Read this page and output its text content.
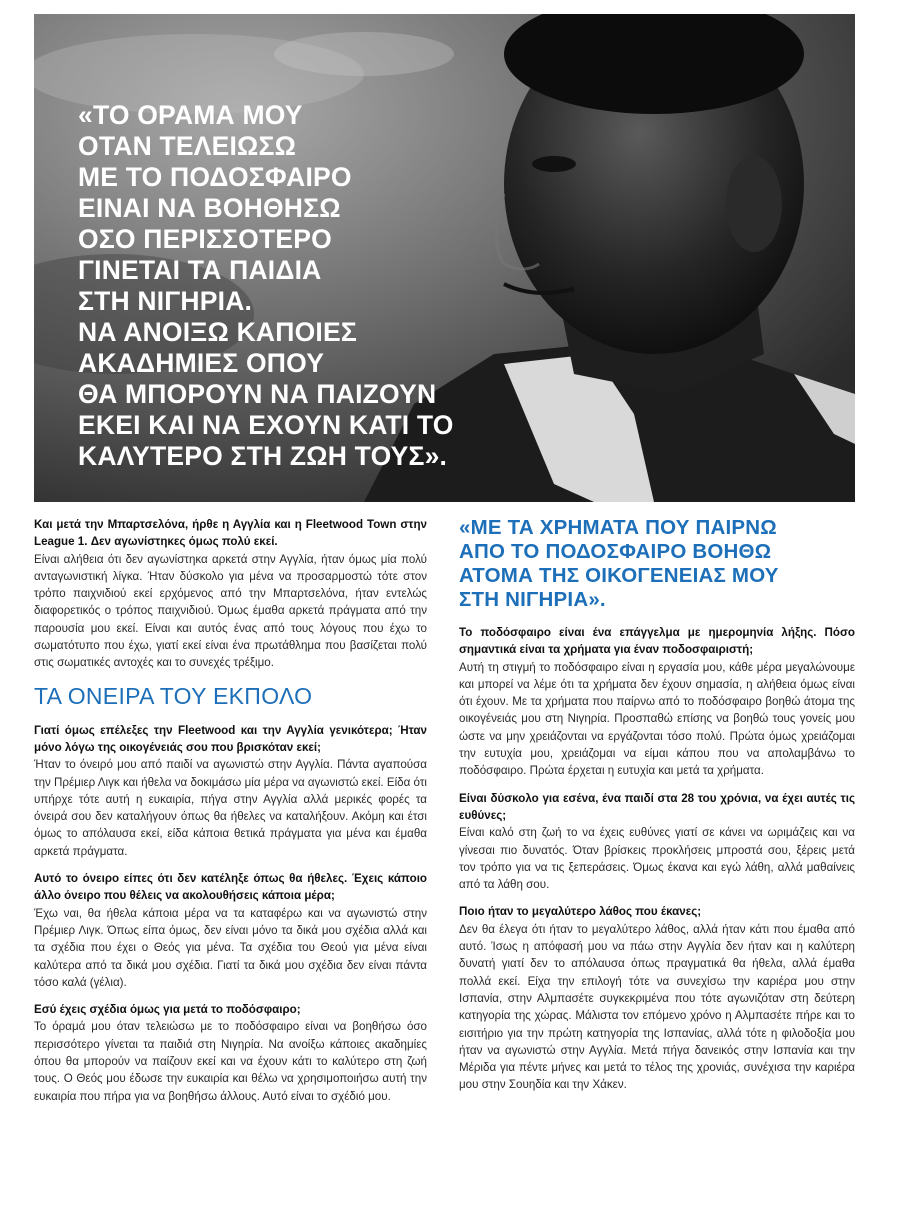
«ΤΟ ΟΡΑΜΑ ΜΟΥ
ΟΤΑΝ ΤΕΛΕΙΩΣΩ
ΜΕ ΤΟ ΠΟΔΟΣΦΑΙΡΟ
ΕΙΝΑΙ ΝΑ ΒΟΗΘΗΣΩ
ΟΣΟ ΠΕΡΙΣΣΟΤΕΡΟ
ΓΙΝΕΤΑΙ ΤΑ ΠΑΙΔΙΑ
ΣΤΗ ΝΙΓΗΡΙΑ.
ΝΑ ΑΝΟΙΞΩ ΚΑΠΟΙΕΣ
ΑΚΑΔΗΜΙΕΣ ΟΠΟΥ
ΘΑ ΜΠΟΡΟΥΝ ΝΑ ΠΑΙΖΟΥΝ
ΕΚΕΙ ΚΑΙ ΝΑ ΕΧΟΥΝ ΚΑΤΙ ΤΟ
ΚΑΛΥΤΕΡΟ ΣΤΗ ΖΩΗ ΤΟΥΣ».

Και μετά την Μπαρτσελόνα, ήρθε η Αγγλία και η Fleetwood Town στην League 1. Δεν αγωνίστηκες όμως πολύ εκεί.

Είναι αλήθεια ότι δεν αγωνίστηκα αρκετά στην Αγγλία, ήταν όμως μία πολύ ανταγωνιστική λίγκα. Ήταν δύσκολο για μένα να προσαρμοστώ τότε στον τρόπο παιχνιδιού εκεί ερχόμενος από την Μπαρτσελόνα, ήταν εντελώς διαφορετικός ο τρόπος παιχνιδιού. Όμως έμαθα αρκετά πράγματα από την παρουσία μου εκεί. Είναι και αυτός ένας από τους λόγους που έχω το σωματότυπο που έχω, γιατί εκεί είναι ένα πρωτάθλημα που βασίζεται πολύ στις σωματικές αντοχές και το συνεχές τρέξιμο.

ΤΑ ΟΝΕΙΡΑ ΤΟΥ ΕΚΠΟΛΟ

Γιατί όμως επέλεξες την Fleetwood και την Αγγλία γενικότερα; Ήταν μόνο λόγω της οικογένειάς σου που βρισκόταν εκεί;

Ήταν το όνειρό μου από παιδί να αγωνιστώ στην Αγγλία. Πάντα αγαπούσα την Πρέμιερ Λιγκ και ήθελα να δοκιμάσω μία μέρα να αγωνιστώ εκεί. Είδα ότι υπήρχε τότε αυτή η ευκαιρία, πήγα στην Αγγλία αλλά μερικές φορές τα όνειρά σου δεν καταλήγουν όπως θα ήθελες να καταλήξουν. Ακόμη και έτσι όμως το απόλαυσα εκεί, είδα κάποια θετικά πράγματα για μένα και έμαθα αρκετά πράγματα.

Αυτό το όνειρο είπες ότι δεν κατέληξε όπως θα ήθελες. Έχεις κάποιο άλλο όνειρο που θέλεις να ακολουθήσεις κάποια μέρα;

Έχω ναι, θα ήθελα κάποια μέρα να τα καταφέρω και να αγωνιστώ στην Πρέμιερ Λιγκ. Όπως είπα όμως, δεν είναι μόνο τα δικά μου σχέδια αλλά και τα σχέδια που έχει ο Θεός για μένα. Τα σχέδια του Θεού για μένα είναι καλύτερα από τα δικά μου σχέδια. Γιατί τα δικά μου σχέδια δεν είναι πάντα τόσο καλά (γέλια).

Εσύ έχεις σχέδια όμως για μετά το ποδόσφαιρο;

Το όραμά μου όταν τελειώσω με το ποδόσφαιρο είναι να βοηθήσω όσο περισσότερο γίνεται τα παιδιά στη Νιγηρία. Να ανοίξω κάποιες ακαδημίες όπου θα μπορούν να παίζουν εκεί και να έχουν κάτι το καλύτερο στη ζωή τους. Ο Θεός μου έδωσε την ευκαιρία και θέλω να χρησιμοποιήσω αυτή την ευκαιρία που πήρα για να βοηθήσω άλλους. Αυτό είναι το σχέδιό μου.

«ΜΕ ΤΑ ΧΡΗΜΑΤΑ ΠΟΥ ΠΑΙΡΝΩ
ΑΠΟ ΤΟ ΠΟΔΟΣΦΑΙΡΟ ΒΟΗΘΩ
ΑΤΟΜΑ ΤΗΣ ΟΙΚΟΓΕΝΕΙΑΣ ΜΟΥ
ΣΤΗ ΝΙΓΗΡΙΑ».

Το ποδόσφαιρο είναι ένα επάγγελμα με ημερομηνία λήξης. Πόσο σημαντικά είναι τα χρήματα για έναν ποδοσφαιριστή;

Αυτή τη στιγμή το ποδόσφαιρο είναι η εργασία μου, κάθε μέρα μεγαλώνουμε και μπορεί να λέμε ότι τα χρήματα δεν έχουν σημασία, η αλήθεια όμως είναι ότι έχουν. Με τα χρήματα που παίρνω από το ποδόσφαιρο βοηθώ άτομα της οικογένειάς μου στη Νιγηρία. Προσπαθώ επίσης να βοηθώ τους γονείς μου ώστε να μην χρειάζονται να εργάζονται τόσο πολύ. Πρώτα όμως χρειάζομαι την ευτυχία μου, χρειάζομαι να είμαι κάπου που να απολαμβάνω το ποδόσφαιρο. Πρώτα έρχεται η ευτυχία και μετά τα χρήματα.

Είναι δύσκολο για εσένα, ένα παιδί στα 28 του χρόνια, να έχει αυτές τις ευθύνες;

Είναι καλό στη ζωή το να έχεις ευθύνες γιατί σε κάνει να ωριμάζεις και να γίνεσαι πιο δυνατός. Όταν βρίσκεις προκλήσεις μπροστά σου, ξέρεις μετά τον τρόπο για να τις ξεπεράσεις. Όμως έκανα και εγώ λάθη, αλλά μαθαίνεις από τα λάθη σου.

Ποιο ήταν το μεγαλύτερο λάθος που έκανες;

Δεν θα έλεγα ότι ήταν το μεγαλύτερο λάθος, αλλά ήταν κάτι που έμαθα από αυτό. Ίσως η απόφασή μου να πάω στην Αγγλία δεν ήταν και η καλύτερη δυνατή γιατί δεν το απόλαυσα όπως πραγματικά θα ήθελα, αλλά έμαθα πολλά εκεί. Είχα την επιλογή τότε να συνεχίσω την καριέρα μου στην Ισπανία, στην Αλμπασέτε συγκεκριμένα που τότε αγωνιζόταν στη δεύτερη κατηγορία της χώρας. Μάλιστα τον επόμενο χρόνο η Αλμπασέτε πήρε και το εισιτήριο για την πρώτη κατηγορία της Ισπανίας, αλλά τότε η φιλοδοξία μου ήταν να αγωνιστώ στην Αγγλία. Μετά πήγα δανεικός στην Ισπανία και την Μέριδα για πέντε μήνες και μετά το τέλος της χρονιάς, συνέχισα την καριέρα μου στην Σουηδία και την Χάκεν.
